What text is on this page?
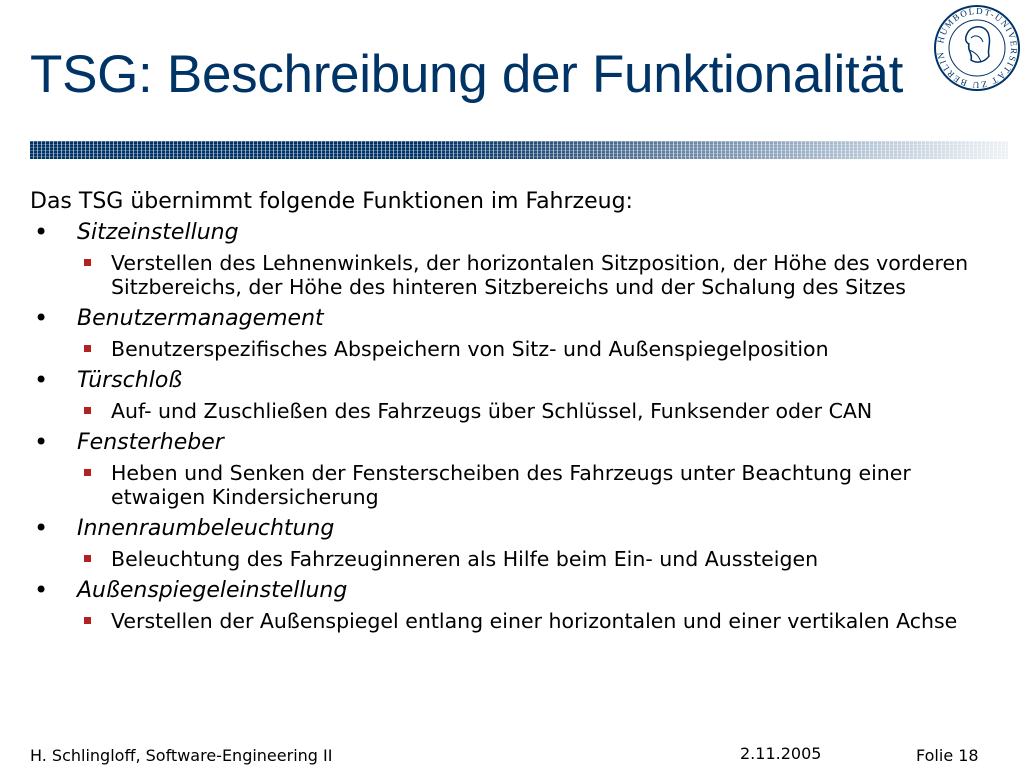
TSG: Beschreibung der Funktionalität
HUMBOLDT-UNIVERSITÄT ZU BERLIN

Das TSG übernimmt folgende Funktionen im Fahrzeug:

• Sitzeinstellung
Verstellen des Lehnenwinkels, der horizontalen Sitzposition, der Höhe des vorderen Sitzbereichs, der Höhe des hinteren Sitzbereichs und der Schalung des Sitzes
• Benutzermanagement
Benutzerspezifisches Abspeichern von Sitz- und Außenspiegelposition
• Türschloß
Auf- und Zuschließen des Fahrzeugs über Schlüssel, Funksender oder CAN
• Fensterheber
Heben und Senken der Fensterscheiben des Fahrzeugs unter Beachtung einer etwaigen Kindersicherung
• Innenraumbeleuchtung
Beleuchtung des Fahrzeuginneren als Hilfe beim Ein- und Aussteigen
• Außenspiegeleinstellung
Verstellen der Außenspiegel entlang einer horizontalen und einer vertikalen Achse
H. Schlingloff, Software-Engineering II	2.11.2005	Folie 18
